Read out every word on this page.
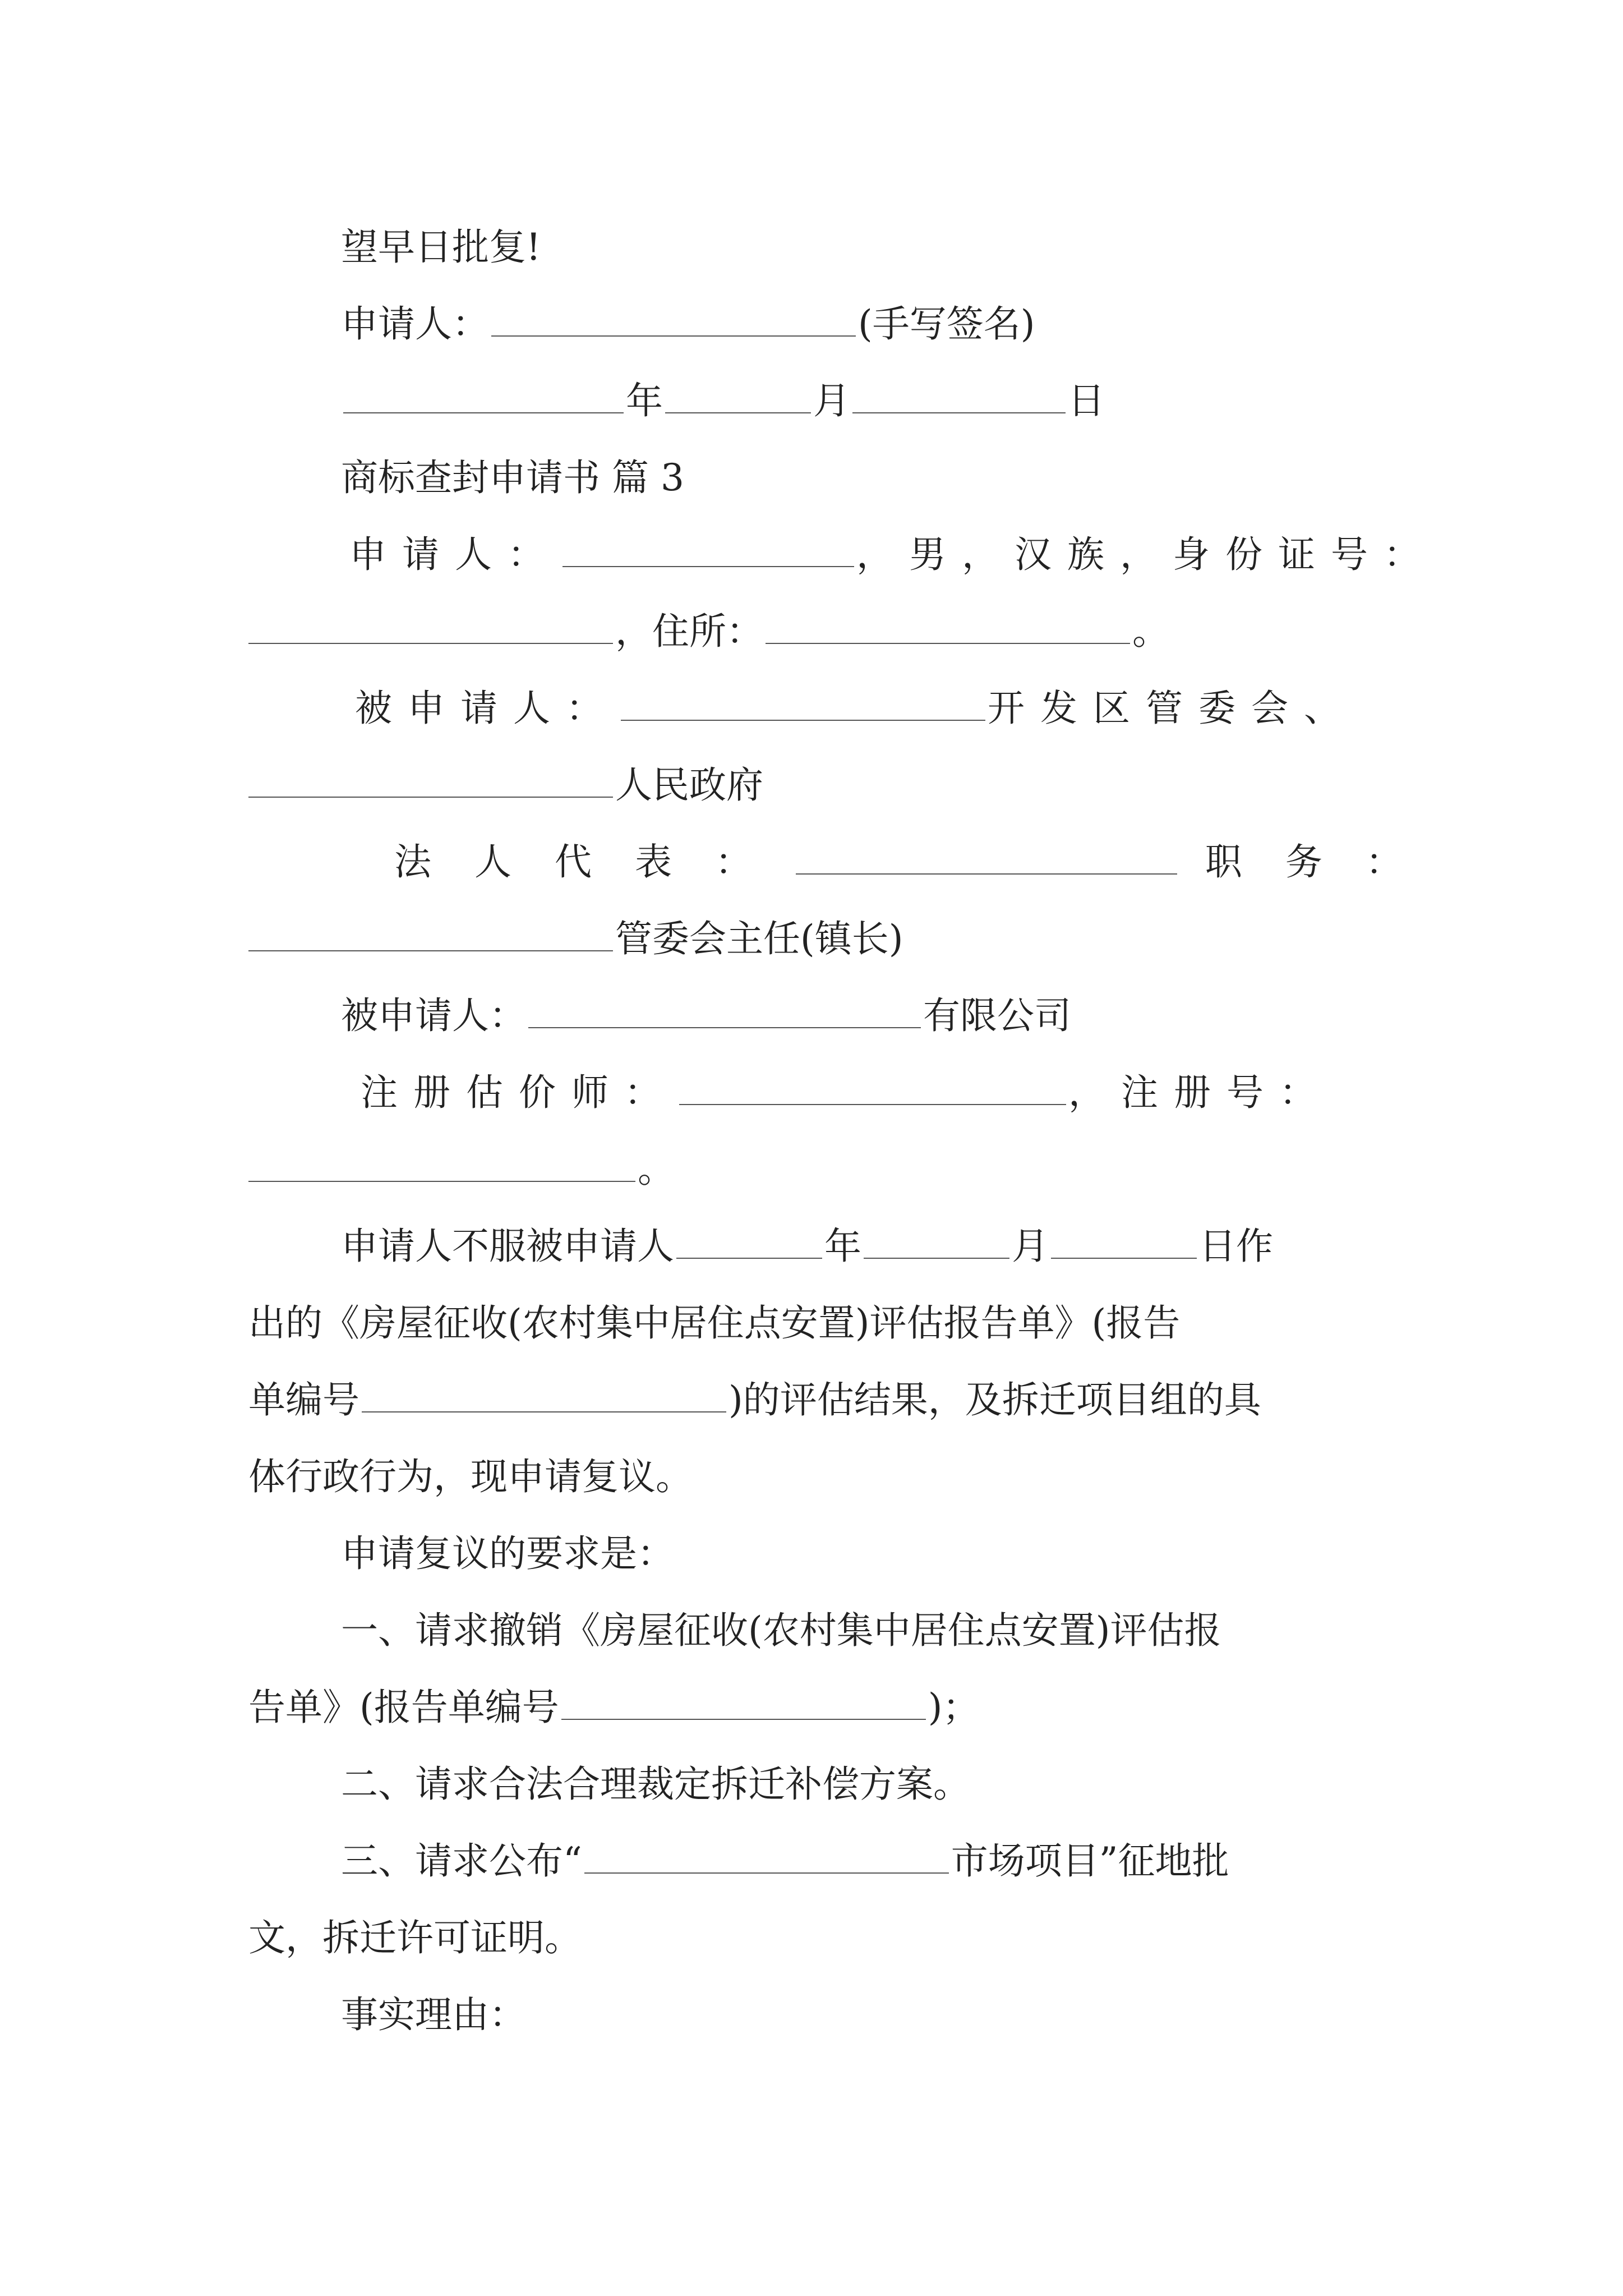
望早日批复!
申请人：	(手写签名)
年	月	日
商标查封申请书 篇 3
申请人：	，男，汉族，身份证号：
，住所：	。
被申请人：	开发区管委会、
人民政府
法 人 代 表 ：	职 务 ：
管委会主任(镇长)
被申请人：	有限公司
注册估价师：	，注册号：
。
申请人不服被申请人	年	月	日作
出的《房屋征收(农村集中居住点安置)评估报告单》(报告
单编号	)的评估结果，及拆迁项目组的具
体行政行为，现申请复议。
申请复议的要求是：
一、请求撤销《房屋征收(农村集中居住点安置)评估报
告单》(报告单编号	)；
二、请求合法合理裁定拆迁补偿方案。
三、请求公布“	市场项目”征地批
文，拆迁许可证明。
事实理由：
